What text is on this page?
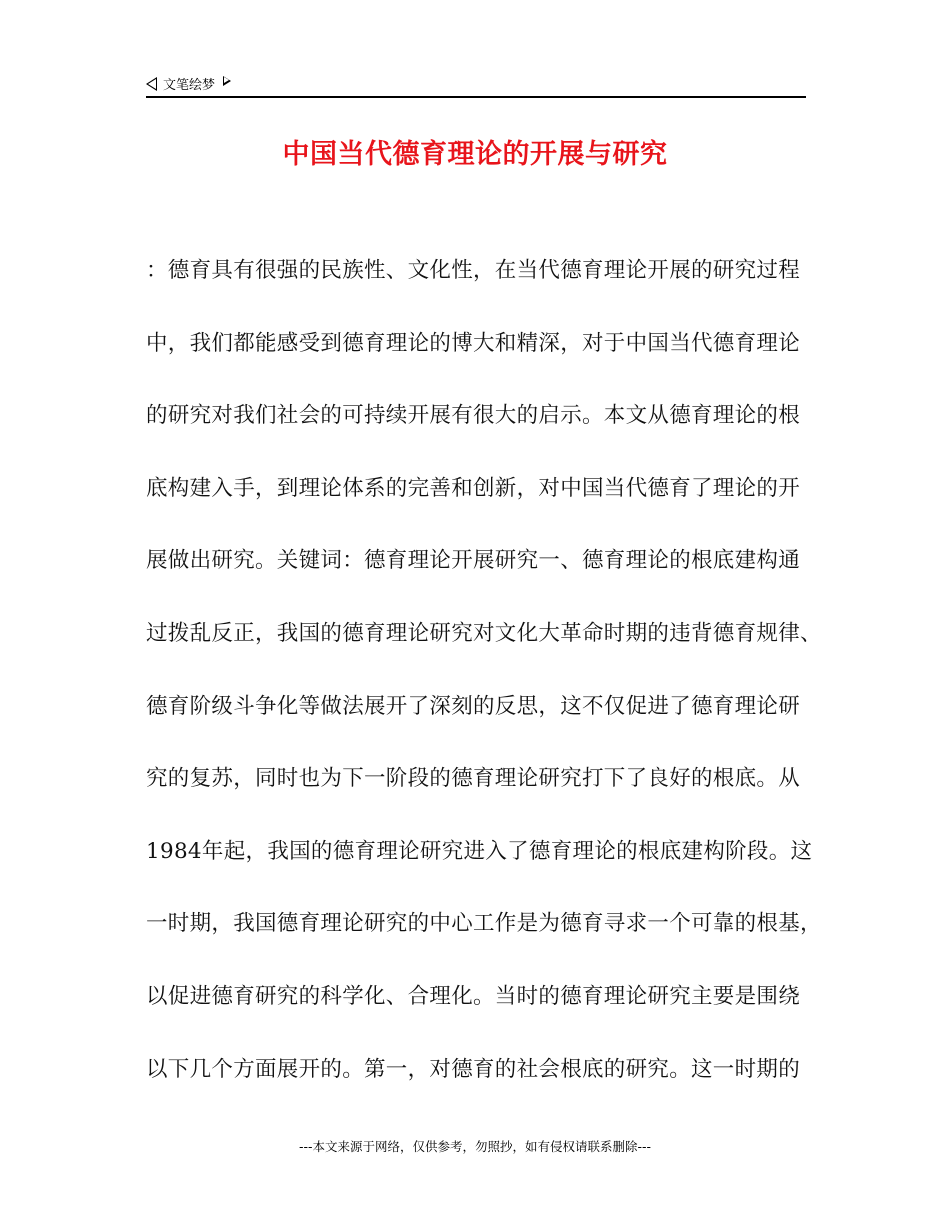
文笔绘梦
中国当代德育理论的开展与研究
：德育具有很强的民族性、文化性，在当代德育理论开展的研究过程
中，我们都能感受到德育理论的博大和精深，对于中国当代德育理论
的研究对我们社会的可持续开展有很大的启示。本文从德育理论的根
底构建入手，到理论体系的完善和创新，对中国当代德育了理论的开
展做出研究。关键词：德育理论开展研究一、德育理论的根底建构通
过拨乱反正，我国的德育理论研究对文化大革命时期的违背德育规律、
德育阶级斗争化等做法展开了深刻的反思，这不仅促进了德育理论研
究的复苏，同时也为下一阶段的德育理论研究打下了良好的根底。从
1984年起，我国的德育理论研究进入了德育理论的根底建构阶段。这
一时期，我国德育理论研究的中心工作是为德育寻求一个可靠的根基，
以促进德育研究的科学化、合理化。当时的德育理论研究主要是围绕
以下几个方面展开的。第一，对德育的社会根底的研究。这一时期的
---本文来源于网络，仅供参考，勿照抄，如有侵权请联系删除---
